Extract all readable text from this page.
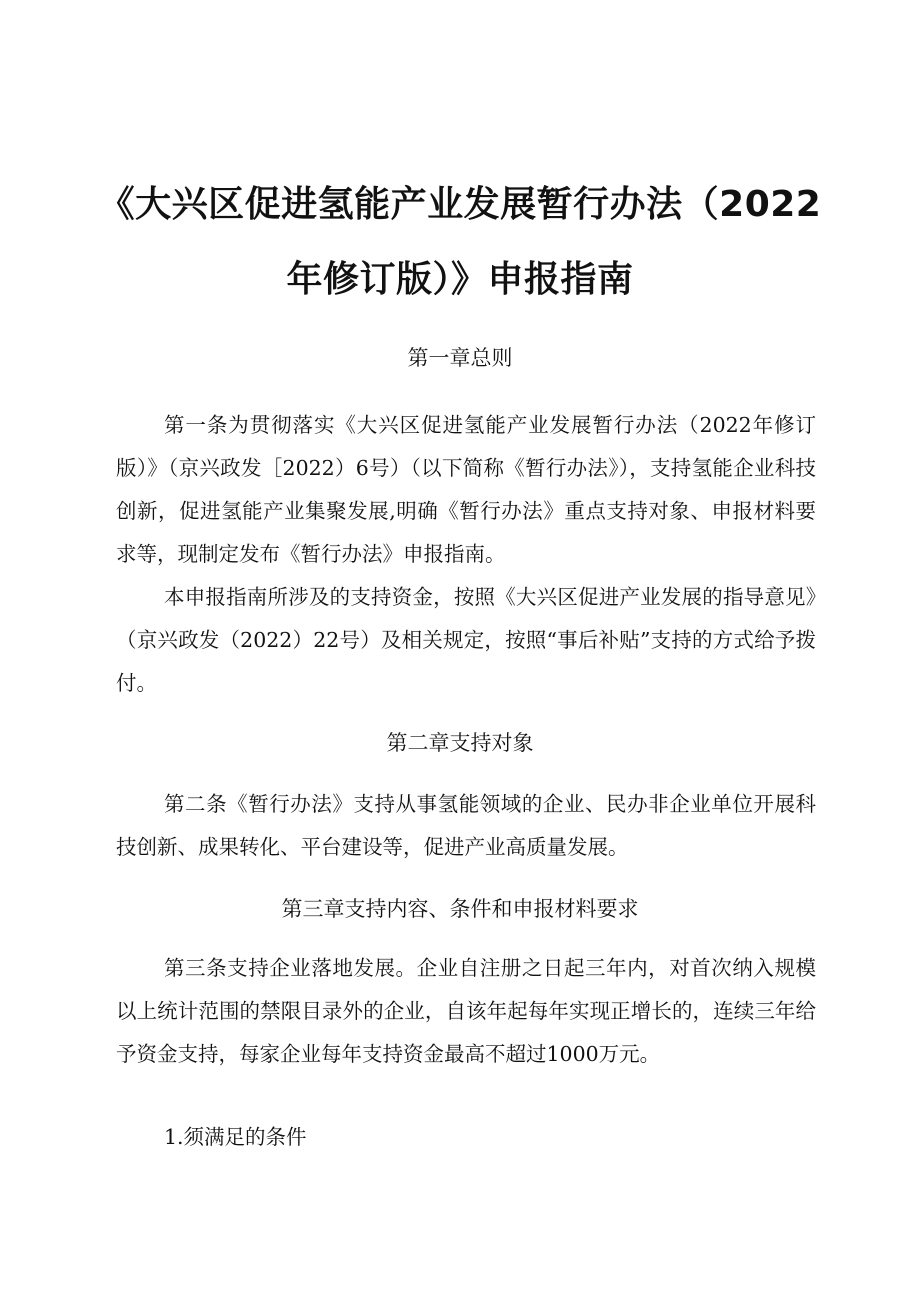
《大兴区促进氢能产业发展暂行办法（2022
年修订版）》申报指南
第一章总则

第一条为贯彻落实《大兴区促进氢能产业发展暂行办法（2022年修订版）》（京兴政发［2022）6号）（以下简称《暂行办法》），支持氢能企业科技创新，促进氢能产业集聚发展,明确《暂行办法》重点支持对象、申报材料要求等，现制定发布《暂行办法》申报指南。

本申报指南所涉及的支持资金，按照《大兴区促进产业发展的指导意见》（京兴政发（2022）22号）及相关规定，按照“事后补贴”支持的方式给予拨付。

第二章支持对象

第二条《暂行办法》支持从事氢能领域的企业、民办非企业单位开展科技创新、成果转化、平台建设等，促进产业高质量发展。

第三章支持内容、条件和申报材料要求

第三条支持企业落地发展。企业自注册之日起三年内，对首次纳入规模以上统计范围的禁限目录外的企业，自该年起每年实现正增长的，连续三年给予资金支持，每家企业每年支持资金最高不超过1000万元。

1.须满足的条件
